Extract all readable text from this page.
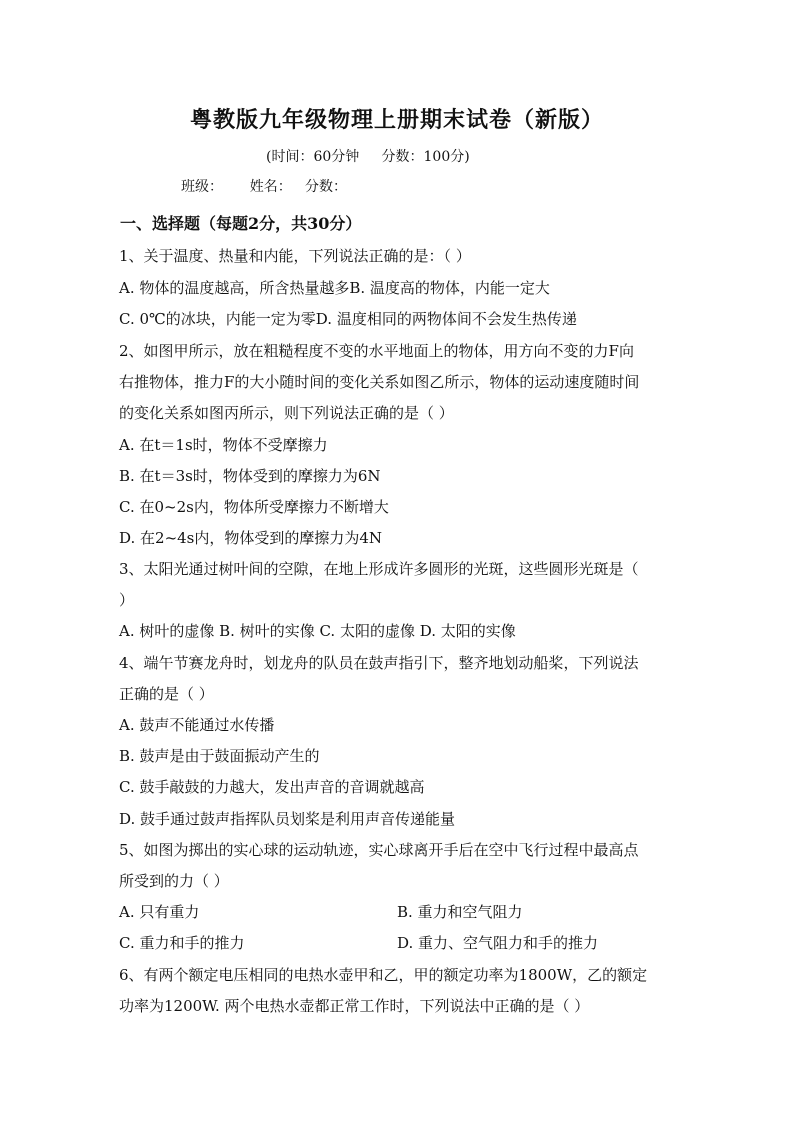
粤教版九年级物理上册期末试卷（新版）
(时间：60分钟     分数：100分)
班级：      姓名：   分数：
一、选择题（每题2分，共30分）
1、关于温度、热量和内能，下列说法正确的是：（ ）
A. 物体的温度越高，所含热量越多B. 温度高的物体，内能一定大
C. 0℃的冰块，内能一定为零D. 温度相同的两物体间不会发生热传递
2、如图甲所示，放在粗糙程度不变的水平地面上的物体，用方向不变的力F向
右推物体，推力F的大小随时间的变化关系如图乙所示，物体的运动速度随时间
的变化关系如图丙所示，则下列说法正确的是（ ）
A. 在t＝1s时，物体不受摩擦力
B. 在t＝3s时，物体受到的摩擦力为6N
C. 在0~2s内，物体所受摩擦力不断增大
D. 在2~4s内，物体受到的摩擦力为4N
3、太阳光通过树叶间的空隙，在地上形成许多圆形的光斑，这些圆形光斑是（
）
A. 树叶的虚像 B. 树叶的实像 C. 太阳的虚像 D. 太阳的实像
4、端午节赛龙舟时，划龙舟的队员在鼓声指引下，整齐地划动船桨，下列说法
正确的是（ ）
A. 鼓声不能通过水传播
B. 鼓声是由于鼓面振动产生的
C. 鼓手敲鼓的力越大，发出声音的音调就越高
D. 鼓手通过鼓声指挥队员划桨是利用声音传递能量
5、如图为掷出的实心球的运动轨迹，实心球离开手后在空中飞行过程中最高点
所受到的力（ ）
A. 只有重力	B. 重力和空气阻力
C. 重力和手的推力	D. 重力、空气阻力和手的推力
6、有两个额定电压相同的电热水壶甲和乙，甲的额定功率为1800W，乙的额定
功率为1200W. 两个电热水壶都正常工作时，下列说法中正确的是（ ）
